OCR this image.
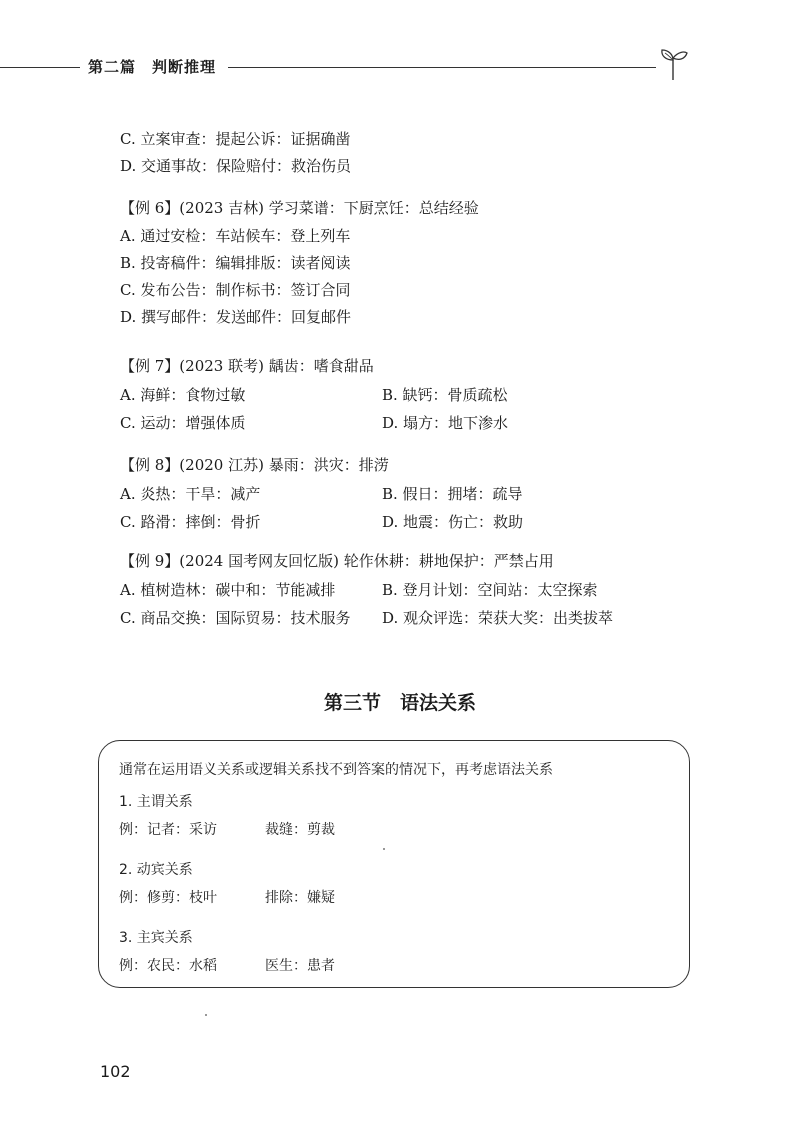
第二篇　判断推理
C. 立案审查：提起公诉：证据确凿
D. 交通事故：保险赔付：救治伤员
【例 6】(2023 吉林) 学习菜谱：下厨烹饪：总结经验
A. 通过安检：车站候车：登上列车
B. 投寄稿件：编辑排版：读者阅读
C. 发布公告：制作标书：签订合同
D. 撰写邮件：发送邮件：回复邮件
【例 7】(2023 联考) 龋齿：嗜食甜品
A. 海鲜：食物过敏	B. 缺钙：骨质疏松
C. 运动：增强体质	D. 塌方：地下渗水
【例 8】(2020 江苏) 暴雨：洪灾：排涝
A. 炎热：干旱：减产	B. 假日：拥堵：疏导
C. 路滑：摔倒：骨折	D. 地震：伤亡：救助
【例 9】(2024 国考网友回忆版) 轮作休耕：耕地保护：严禁占用
A. 植树造林：碳中和：节能减排	B. 登月计划：空间站：太空探索
C. 商品交换：国际贸易：技术服务	D. 观众评选：荣获大奖：出类拔萃
第三节　语法关系
通常在运用语义关系或逻辑关系找不到答案的情况下，再考虑语法关系
1. 主谓关系
例：记者：采访	裁缝：剪裁
2. 动宾关系
例：修剪：枝叶	排除：嫌疑
3. 主宾关系
例：农民：水稻	医生：患者
102
